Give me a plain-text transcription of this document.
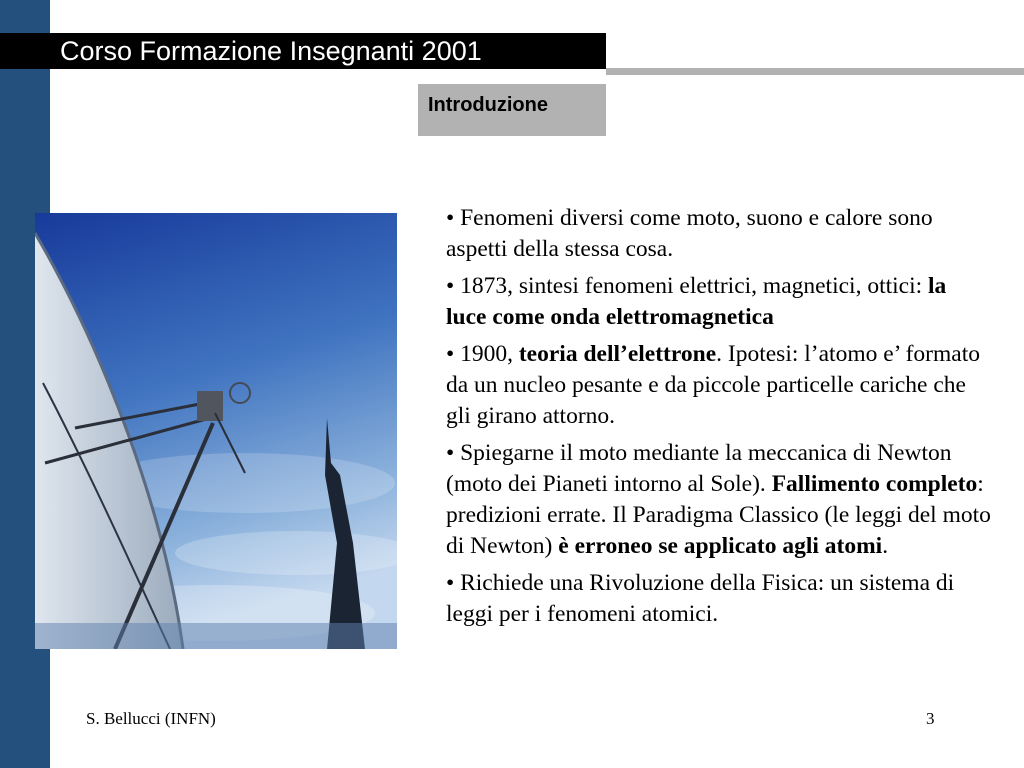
Corso Formazione Insegnanti 2001
Introduzione
• Fenomeni diversi come moto, suono e calore sono aspetti della stessa cosa.
• 1873, sintesi fenomeni elettrici, magnetici, ottici: la luce come onda elettromagnetica
• 1900, teoria dell’elettrone. Ipotesi: l’atomo e’ formato da un nucleo pesante e da piccole particelle cariche che gli girano attorno.
• Spiegarne il moto mediante la meccanica di Newton (moto dei Pianeti intorno al Sole). Fallimento completo: predizioni errate. Il Paradigma Classico (le leggi del moto di Newton) è erroneo se applicato agli atomi.
• Richiede una Rivoluzione della Fisica: un sistema di leggi per i fenomeni atomici.
S. Bellucci (INFN)	3
